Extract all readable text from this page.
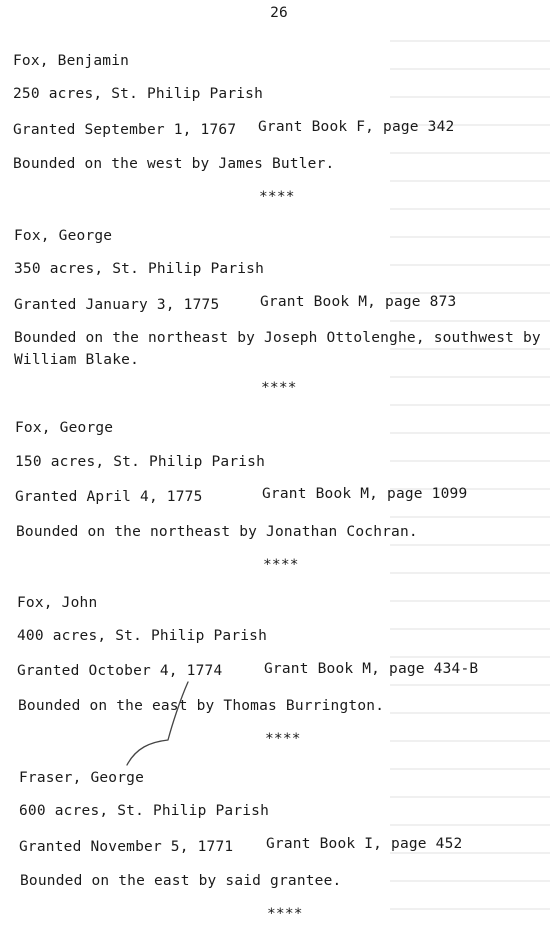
26
Fox, Benjamin
250 acres, St. Philip Parish
Granted September 1, 1767 Grant Book F, page 342
Bounded on the west by James Butler.
****
Fox, George
350 acres, St. Philip Parish
Granted January 3, 1775	Grant Book M, page 873
Bounded on the northeast by Joseph Ottolenghe, southwest by William Blake.
****
Fox, George
150 acres, St. Philip Parish
Granted April 4, 1775	Grant Book M, page 1099
Bounded on the northeast by Jonathan Cochran.
****
Fox, John
400 acres, St. Philip Parish
Granted October 4, 1774	Grant Book M, page 434-B
Bounded on the east by Thomas Burrington.
****
Fraser, George
600 acres, St. Philip Parish
Granted November 5, 1771 Grant Book I, page 452
Bounded on the east by said grantee.
****
